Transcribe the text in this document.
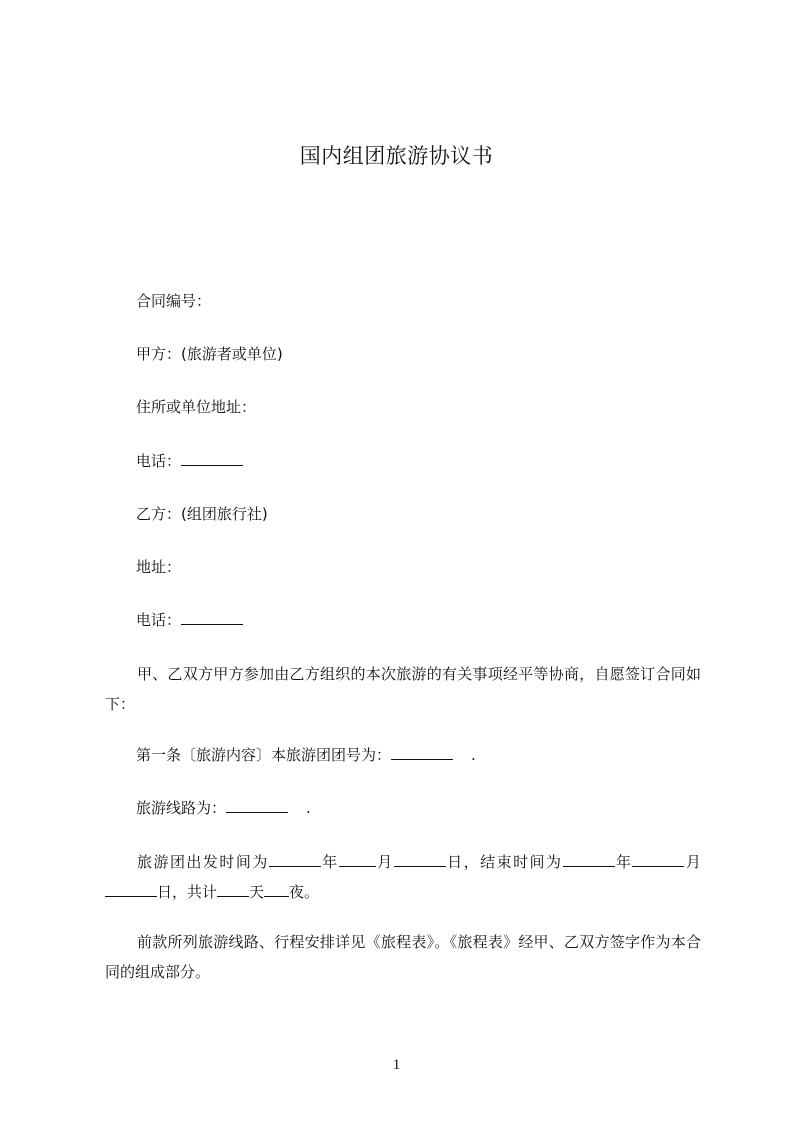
国内组团旅游协议书
合同编号：
甲方：(旅游者或单位)
住所或单位地址：
电话：
乙方：(组团旅行社)
地址：
电话：
甲、乙双方甲方参加由乙方组织的本次旅游的有关事项经平等协商，自愿签订合同如下：
第一条〔旅游内容〕本旅游团团号为：	.
旅游线路为：	.
旅游团出发时间为	年 月	日，结束时间为	年	月日，共计 天 夜。
前款所列旅游线路、行程安排详见《旅程表》。《旅程表》经甲、乙双方签字作为本合同的组成部分。
1
